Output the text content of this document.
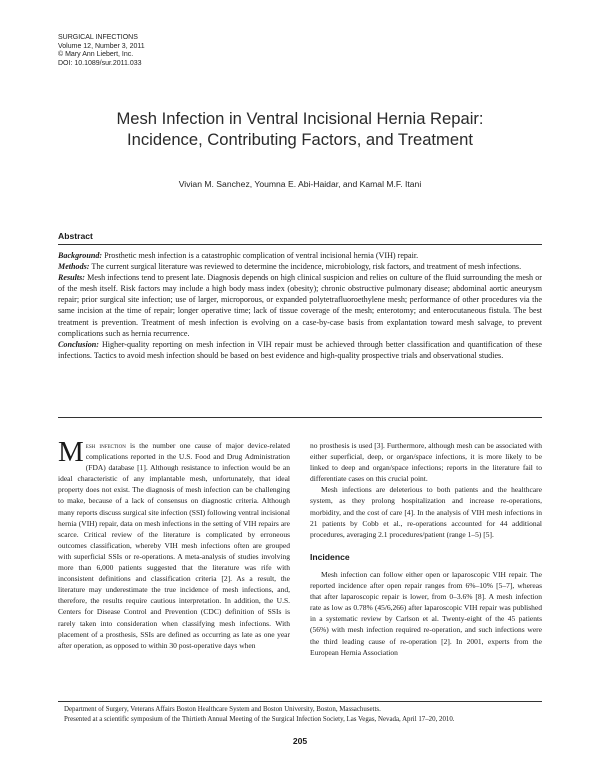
SURGICAL INFECTIONS
Volume 12, Number 3, 2011
© Mary Ann Liebert, Inc.
DOI: 10.1089/sur.2011.033
Mesh Infection in Ventral Incisional Hernia Repair:
Incidence, Contributing Factors, and Treatment
Vivian M. Sanchez, Youmna E. Abi-Haidar, and Kamal M.F. Itani
Abstract

Background: Prosthetic mesh infection is a catastrophic complication of ventral incisional hernia (VIH) repair.

Methods: The current surgical literature was reviewed to determine the incidence, microbiology, risk factors, and treatment of mesh infections.

Results: Mesh infections tend to present late. Diagnosis depends on high clinical suspicion and relies on culture of the fluid surrounding the mesh or of the mesh itself. Risk factors may include a high body mass index (obesity); chronic obstructive pulmonary disease; abdominal aortic aneurysm repair; prior surgical site infection; use of larger, microporous, or expanded polytetrafluoroethylene mesh; performance of other procedures via the same incision at the time of repair; longer operative time; lack of tissue coverage of the mesh; enterotomy; and enterocutaneous fistula. The best treatment is prevention. Treatment of mesh infection is evolving on a case-by-case basis from explantation toward mesh salvage, to prevent complications such as hernia recurrence.

Conclusion: Higher-quality reporting on mesh infection in VIH repair must be achieved through better classification and quantification of these infections. Tactics to avoid mesh infection should be based on best evidence and high-quality prospective trials and observational studies.

Mesh infection is the number one cause of major device-related complications reported in the U.S. Food and Drug Administration (FDA) database [1]. Although resistance to infection would be an ideal characteristic of any implantable mesh, unfortunately, that ideal property does not exist. The diagnosis of mesh infection can be challenging to make, because of a lack of consensus on diagnostic criteria. Although many reports discuss surgical site infection (SSI) following ventral incisional hernia (VIH) repair, data on mesh infections in the setting of VIH repairs are scarce. Critical review of the literature is complicated by erroneous outcomes classification, whereby VIH mesh infections often are grouped with superficial SSIs or re-operations. A meta-analysis of studies involving more than 6,000 patients suggested that the literature was rife with inconsistent definitions and classification criteria [2]. As a result, the literature may underestimate the true incidence of mesh infections, and, therefore, the results require cautious interpretation. In addition, the U.S. Centers for Disease Control and Prevention (CDC) definition of SSIs is rarely taken into consideration when classifying mesh infections. With placement of a prosthesis, SSIs are defined as occurring as late as one year after operation, as opposed to within 30 post-operative days when

no prosthesis is used [3]. Furthermore, although mesh can be associated with either superficial, deep, or organ/space infections, it is more likely to be linked to deep and organ/space infections; reports in the literature fail to differentiate cases on this crucial point.

Mesh infections are deleterious to both patients and the healthcare system, as they prolong hospitalization and increase re-operations, morbidity, and the cost of care [4]. In the analysis of VIH mesh infections in 21 patients by Cobb et al., re-operations accounted for 44 additional procedures, averaging 2.1 procedures/patient (range 1–5) [5].

Incidence

Mesh infection can follow either open or laparoscopic VIH repair. The reported incidence after open repair ranges from 6%–10% [5–7], whereas that after laparoscopic repair is lower, from 0–3.6% [8]. A mesh infection rate as low as 0.78% (45/6,266) after laparoscopic VIH repair was published in a systematic review by Carlson et al. Twenty-eight of the 45 patients (56%) with mesh infection required re-operation, and such infections were the third leading cause of re-operation [2]. In 2001, experts from the European Hernia Association

Department of Surgery, Veterans Affairs Boston Healthcare System and Boston University, Boston, Massachusetts.
Presented at a scientific symposium of the Thirtieth Annual Meeting of the Surgical Infection Society, Las Vegas, Nevada, April 17–20, 2010.
205
